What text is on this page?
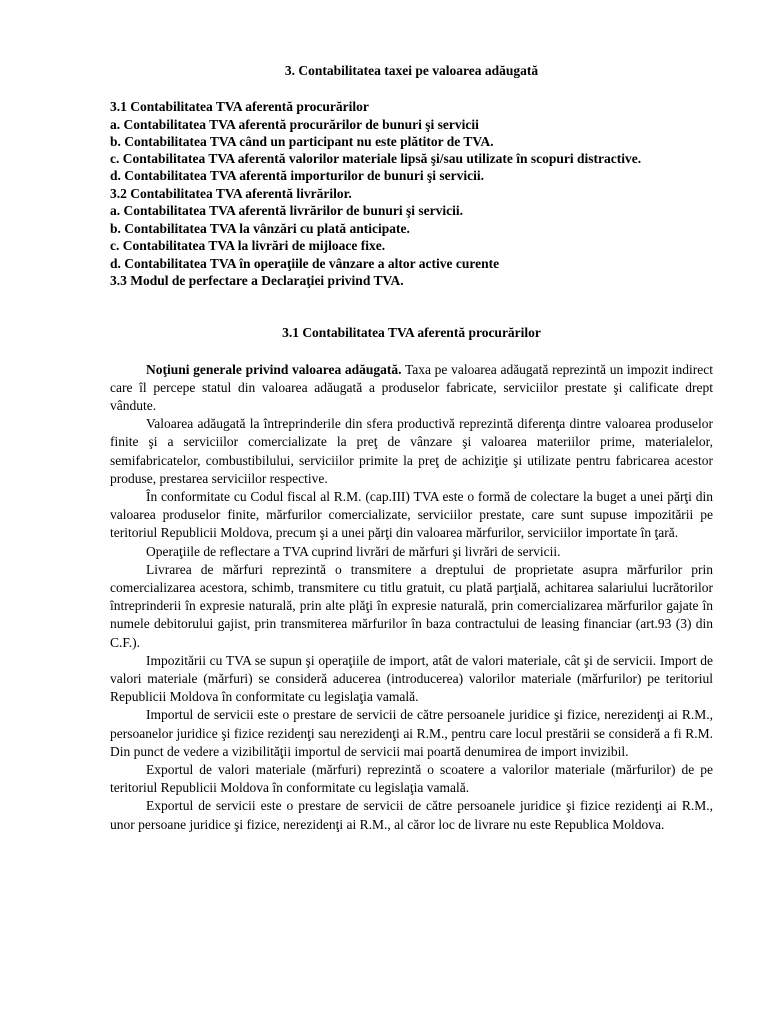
3. Contabilitatea taxei pe valoarea adăugată

3.1 Contabilitatea TVA aferentă procurărilor

a. Contabilitatea TVA aferentă procurărilor de bunuri şi servicii

b. Contabilitatea TVA când un participant nu este plătitor de TVA.

c. Contabilitatea TVA aferentă valorilor materiale lipsă şi/sau utilizate în scopuri distractive.

d. Contabilitatea TVA aferentă importurilor de bunuri şi servicii.

3.2 Contabilitatea TVA aferentă livrărilor.

a. Contabilitatea TVA aferentă livrărilor de bunuri şi servicii.

b. Contabilitatea TVA la vânzări cu plată anticipate.

c. Contabilitatea TVA la livrări de mijloace fixe.

d. Contabilitatea TVA în operaţiile de vânzare a altor active curente

3.3 Modul de perfectare a Declaraţiei privind TVA.

3.1 Contabilitatea TVA aferentă procurărilor

Noţiuni generale privind valoarea adăugată. Taxa pe valoarea adăugată reprezintă un impozit indirect care îl percepe statul din valoarea adăugată a produselor fabricate, serviciilor prestate şi calificate drept vândute.

Valoarea adăugată la întreprinderile din sfera productivă reprezintă diferenţa dintre valoarea produselor finite şi a serviciilor comercializate la preţ de vânzare şi valoarea materiilor prime, materialelor, semifabricatelor, combustibilului, serviciilor primite la preţ de achiziţie şi utilizate pentru fabricarea acestor produse, prestarea serviciilor respective.

În conformitate cu Codul fiscal al R.M. (cap.III) TVA este o formă de colectare la buget a unei părţi din valoarea produselor finite, mărfurilor comercializate, serviciilor prestate, care sunt supuse impozitării pe teritoriul Republicii Moldova, precum şi a unei părţi din valoarea mărfurilor, serviciilor importate în ţară.

Operaţiile de reflectare a TVA cuprind livrări de mărfuri şi livrări de servicii.

Livrarea de mărfuri reprezintă o transmitere a dreptului de proprietate asupra mărfurilor prin comercializarea acestora, schimb, transmitere cu titlu gratuit, cu plată parţială, achitarea salariului lucrătorilor întreprinderii în expresie naturală, prin alte plăţi în expresie naturală, prin comercializarea mărfurilor gajate în numele debitorului gajist, prin transmiterea mărfurilor în baza contractului de leasing financiar (art.93 (3) din C.F.).

Impozitării cu TVA se supun şi operaţiile de import, atât de valori materiale, cât şi de servicii. Import de valori materiale (mărfuri) se consideră aducerea (introducerea) valorilor materiale (mărfurilor) pe teritoriul Republicii Moldova în conformitate cu legislaţia vamală.

Importul de servicii este o prestare de servicii de către persoanele juridice şi fizice, nerezidenţi ai R.M., persoanelor juridice şi fizice rezidenţi sau nerezidenţi ai R.M., pentru care locul prestării se consideră a fi R.M. Din punct de vedere a vizibilităţii importul de servicii mai poartă denumirea de import invizibil.

Exportul de valori materiale (mărfuri) reprezintă o scoatere a valorilor materiale (mărfurilor) de pe teritoriul Republicii Moldova în conformitate cu legislaţia vamală.

Exportul de servicii este o prestare de servicii de către persoanele juridice şi fizice rezidenţi ai R.M., unor persoane juridice şi fizice, nerezidenţi ai R.M., al căror loc de livrare nu este Republica Moldova.
